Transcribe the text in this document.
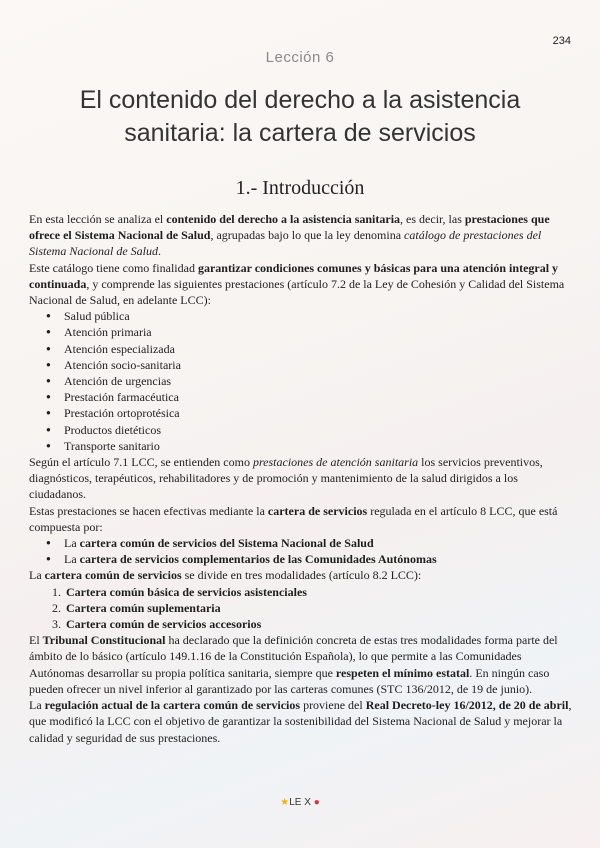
234
Lección 6
El contenido del derecho a la asistencia sanitaria: la cartera de servicios
1.- Introducción

En esta lección se analiza el contenido del derecho a la asistencia sanitaria, es decir, las prestaciones que ofrece el Sistema Nacional de Salud, agrupadas bajo lo que la ley denomina catálogo de prestaciones del Sistema Nacional de Salud.

Este catálogo tiene como finalidad garantizar condiciones comunes y básicas para una atención integral y continuada, y comprende las siguientes prestaciones (artículo 7.2 de la Ley de Cohesión y Calidad del Sistema Nacional de Salud, en adelante LCC):

● Salud pública
● Atención primaria
● Atención especializada
● Atención socio-sanitaria
● Atención de urgencias
● Prestación farmacéutica
● Prestación ortoprotésica
● Productos dietéticos
● Transporte sanitario

Según el artículo 7.1 LCC, se entienden como prestaciones de atención sanitaria los servicios preventivos, diagnósticos, terapéuticos, rehabilitadores y de promoción y mantenimiento de la salud dirigidos a los ciudadanos.

Estas prestaciones se hacen efectivas mediante la cartera de servicios regulada en el artículo 8 LCC, que está compuesta por:

● La cartera común de servicios del Sistema Nacional de Salud
● La cartera de servicios complementarios de las Comunidades Autónomas

La cartera común de servicios se divide en tres modalidades (artículo 8.2 LCC):

1. Cartera común básica de servicios asistenciales
2. Cartera común suplementaria
3. Cartera común de servicios accesorios

El Tribunal Constitucional ha declarado que la definición concreta de estas tres modalidades forma parte del ámbito de lo básico (artículo 149.1.16 de la Constitución Española), lo que permite a las Comunidades Autónomas desarrollar su propia política sanitaria, siempre que respeten el mínimo estatal. En ningún caso pueden ofrecer un nivel inferior al garantizado por las carteras comunes (STC 136/2012, de 19 de junio).

La regulación actual de la cartera común de servicios proviene del Real Decreto-ley 16/2012, de 20 de abril, que modificó la LCC con el objetivo de garantizar la sostenibilidad del Sistema Nacional de Salud y mejorar la calidad y seguridad de sus prestaciones.

★LE X ●
